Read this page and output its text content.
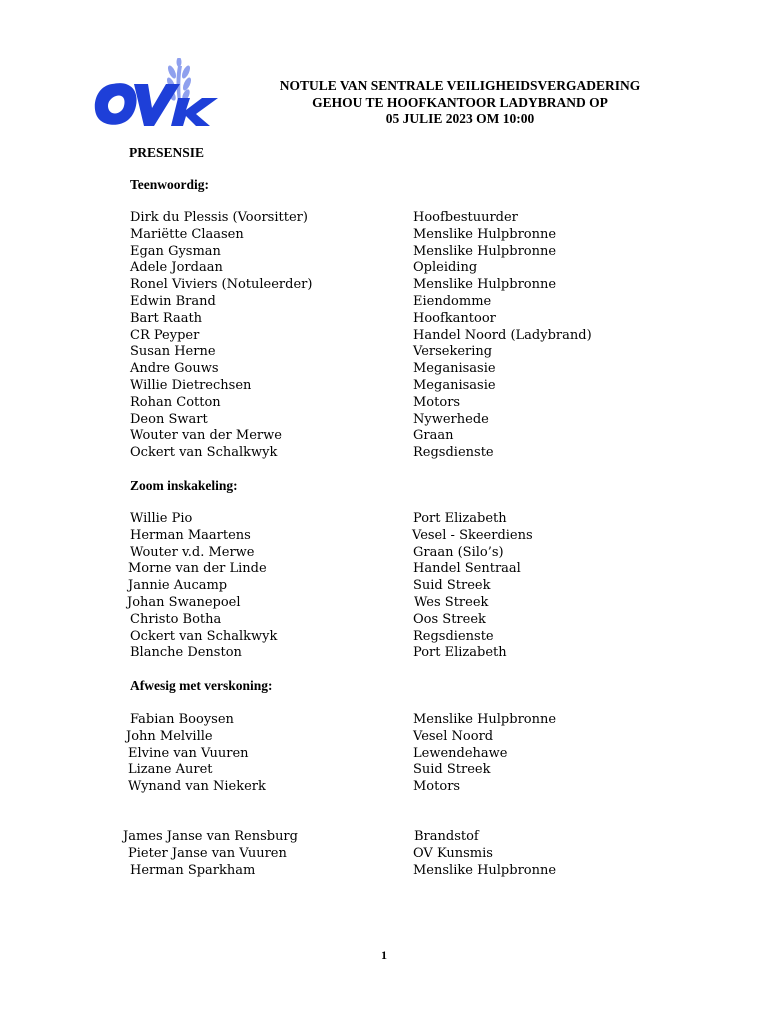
NOTULE VAN SENTRALE VEILIGHEIDSVERGADERING
GEHOU TE HOOFKANTOOR LADYBRAND OP
05 JULIE 2023 OM 10:00
PRESENSIE
Teenwoordig:
Dirk du Plessis (Voorsitter)	Hoofbestuurder
Mariëtte Claasen	Menslike Hulpbronne
Egan Gysman	Menslike Hulpbronne
Adele Jordaan	Opleiding
Ronel Viviers (Notuleerder)	Menslike Hulpbronne
Edwin Brand	Eiendomme
Bart Raath	Hoofkantoor
CR Peyper	Handel Noord (Ladybrand)
Susan Herne	Versekering
Andre Gouws	Meganisasie
Willie Dietrechsen	Meganisasie
Rohan Cotton	Motors
Deon Swart	Nywerhede
Wouter van der Merwe	Graan
Ockert van Schalkwyk	Regsdienste
Zoom inskakeling:
Willie Pio	Port Elizabeth
Herman Maartens	Vesel - Skeerdiens
Wouter v.d. Merwe	Graan (Silo’s)
Morne van der Linde	Handel Sentraal
Jannie Aucamp	Suid Streek
Johan Swanepoel	Wes Streek
Christo Botha	Oos Streek
Ockert van Schalkwyk	Regsdienste
Blanche Denston	Port Elizabeth
Afwesig met verskoning:
Fabian Booysen	Menslike Hulpbronne
John Melville	Vesel Noord
Elvine van Vuuren	Lewendehawe
Lizane Auret	Suid Streek
Wynand van Niekerk	Motors
James Janse van Rensburg	Brandstof
Pieter Janse van Vuuren	OV Kunsmis
Herman Sparkham	Menslike Hulpbronne
1
